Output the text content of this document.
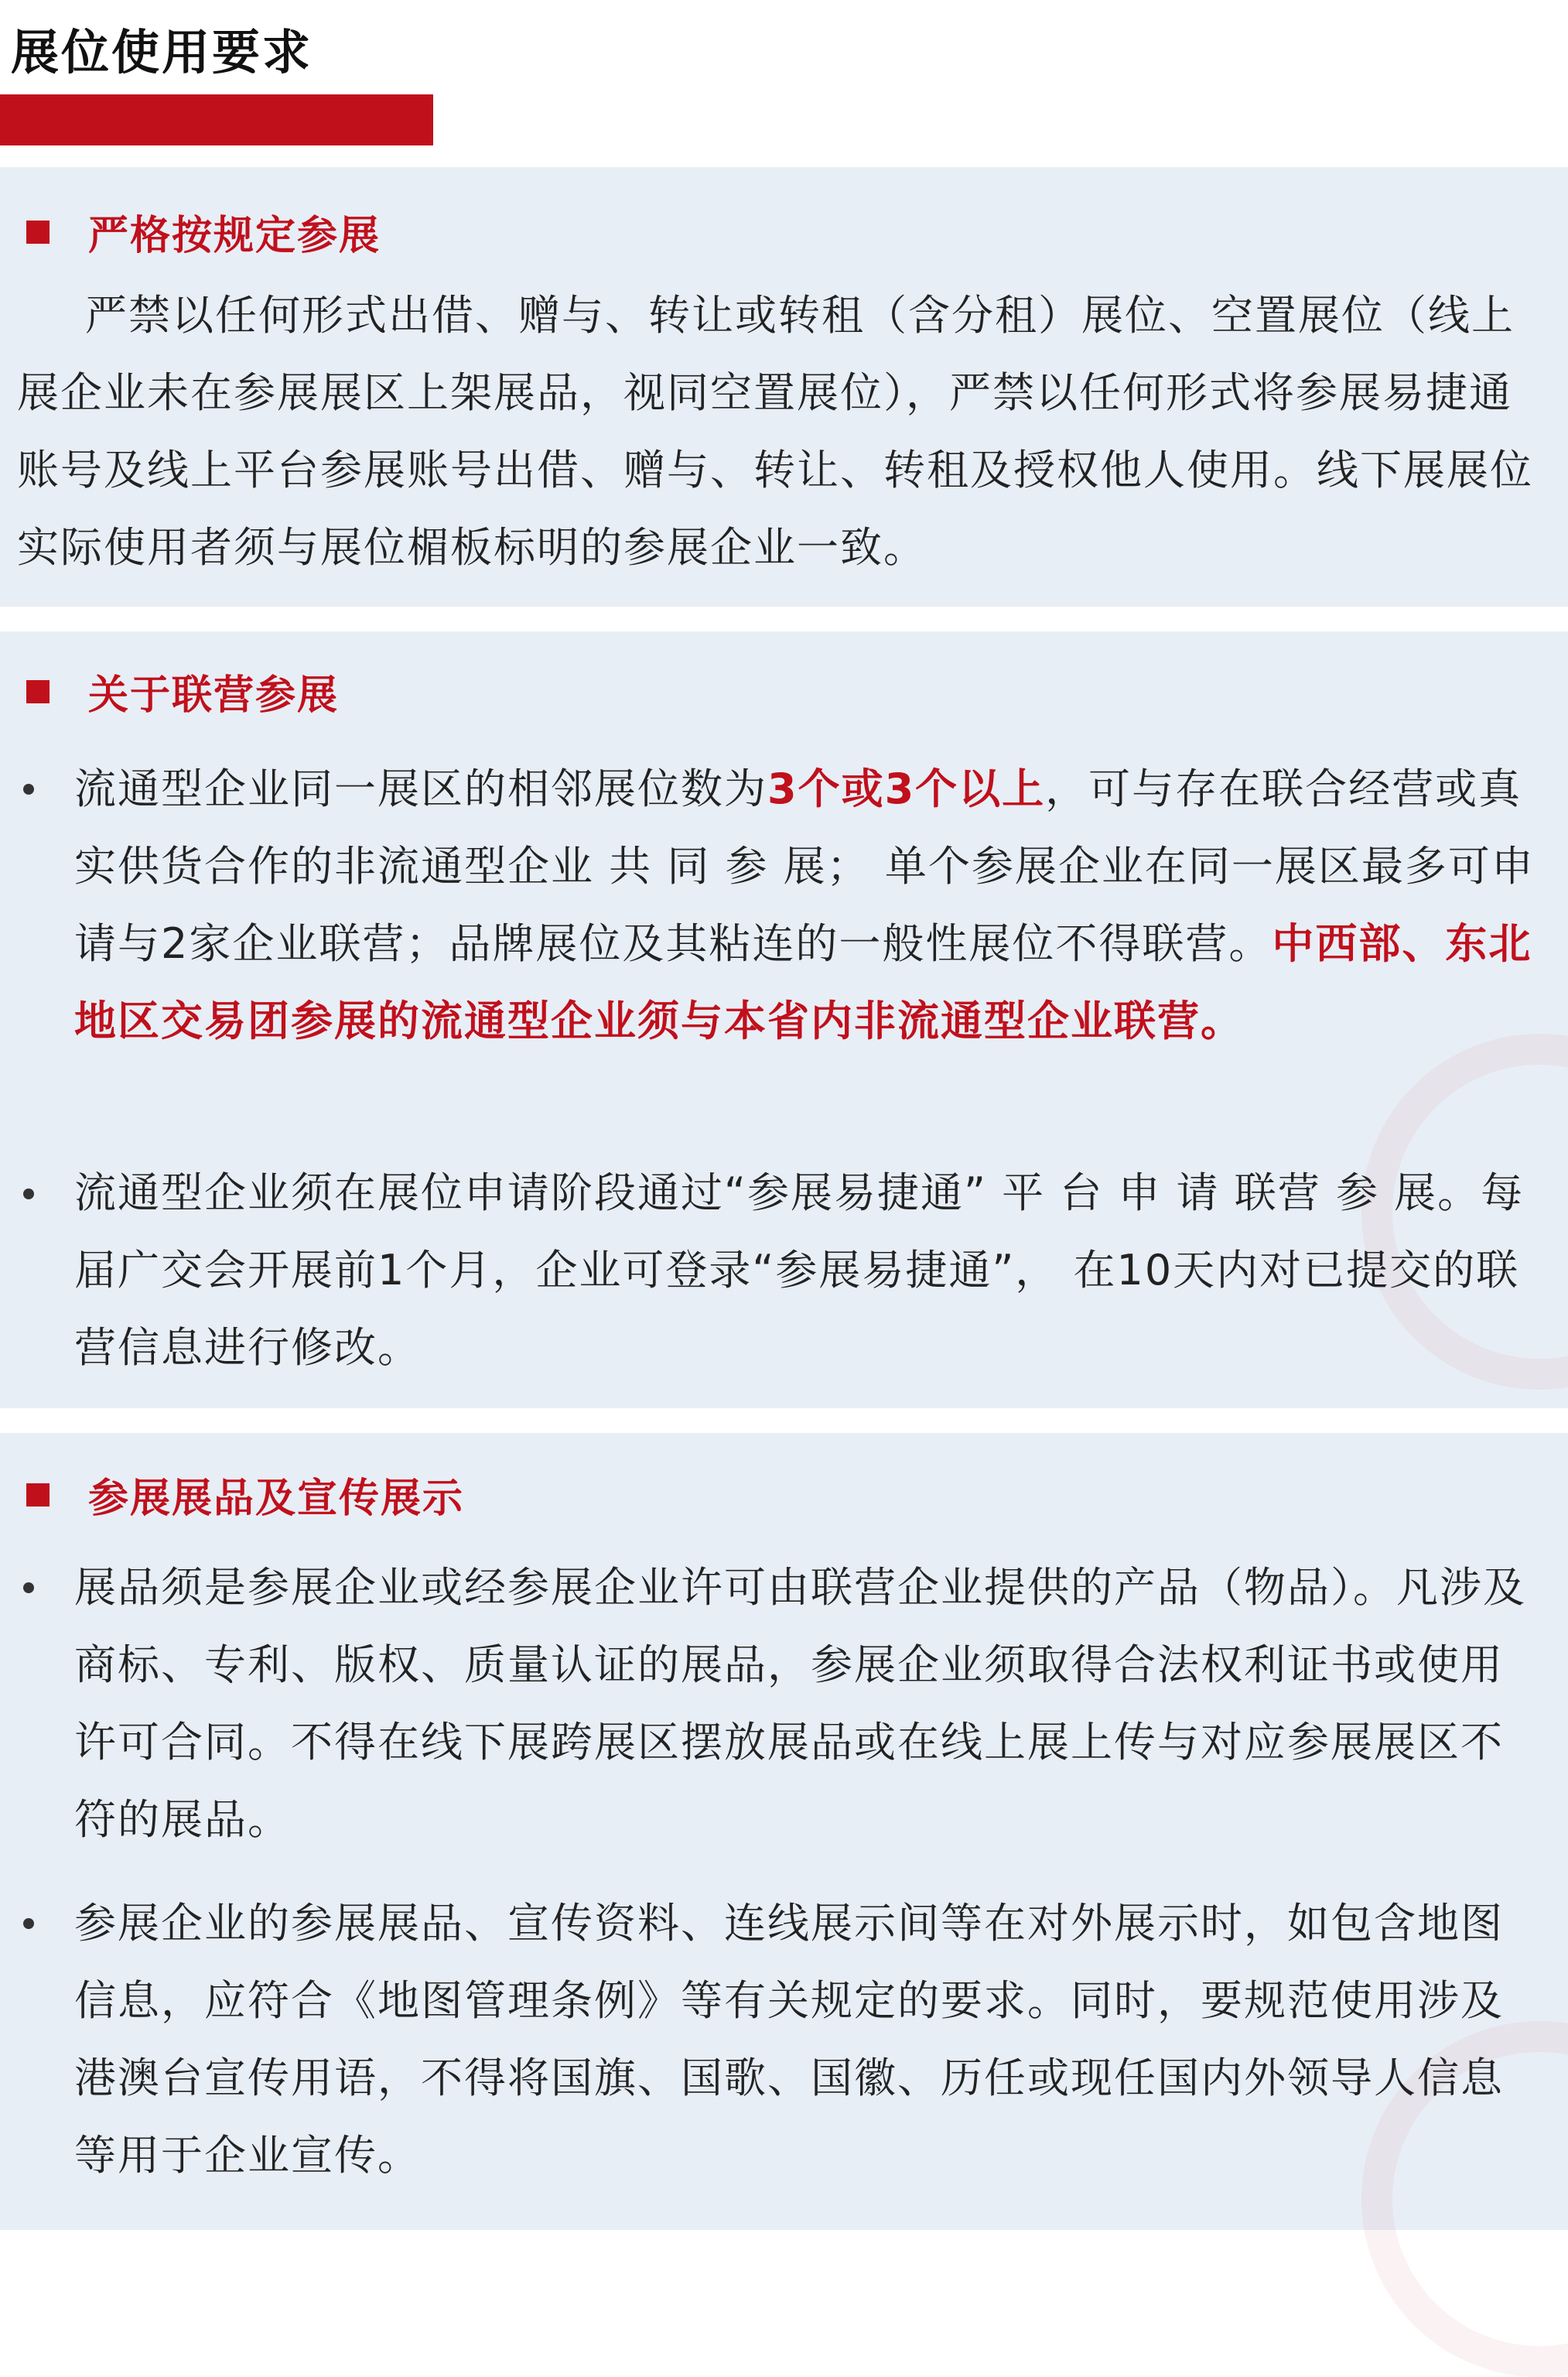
展位使用要求
严格按规定参展
严禁以任何形式出借、赠与、转让或转租（含分租）展位、空置展位（线上展企业未在参展展区上架展品，视同空置展位），严禁以任何形式将参展易捷通账号及线上平台参展账号出借、赠与、转让、转租及授权他人使用。线下展展位实际使用者须与展位楣板标明的参展企业一致。
关于联营参展
流通型企业同一展区的相邻展位数为3个或3个以上，可与存在联合经营或真实供货合作的非流通型企业 共 同 参 展； 单个参展企业在同一展区最多可申请与2家企业联营；品牌展位及其粘连的一般性展位不得联营。中西部、东北地区交易团参展的流通型企业须与本省内非流通型企业联营。
流通型企业须在展位申请阶段通过“参展易捷通” 平 台 申 请 联营 参 展。每届广交会开展前1个月，企业可登录“参展易捷通”， 在10天内对已提交的联营信息进行修改。
参展展品及宣传展示
展品须是参展企业或经参展企业许可由联营企业提供的产品（物品）。凡涉及商标、专利、版权、质量认证的展品，参展企业须取得合法权利证书或使用许可合同。不得在线下展跨展区摆放展品或在线上展上传与对应参展展区不符的展品。
参展企业的参展展品、宣传资料、连线展示间等在对外展示时，如包含地图信息，应符合《地图管理条例》等有关规定的要求。同时，要规范使用涉及港澳台宣传用语，不得将国旗、国歌、国徽、历任或现任国内外领导人信息等用于企业宣传。
